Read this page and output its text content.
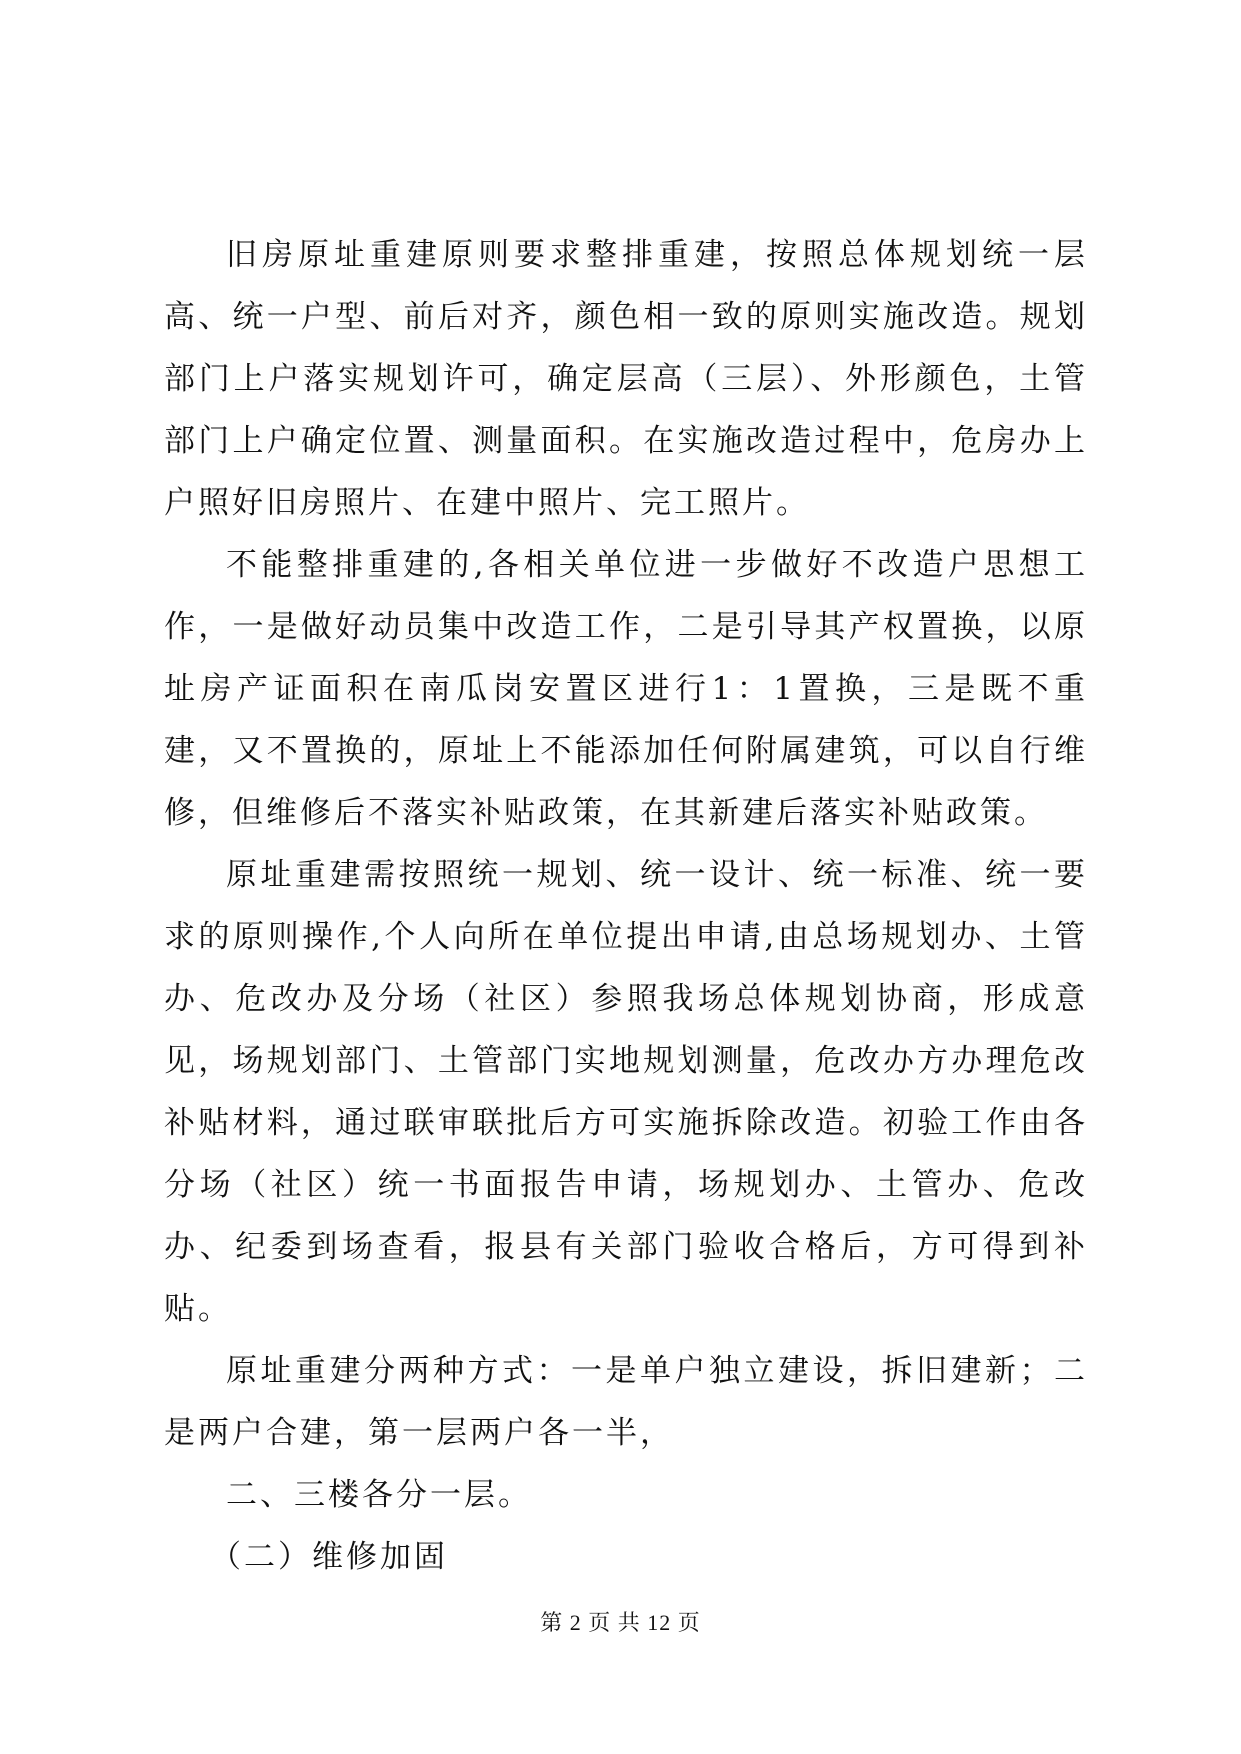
旧房原址重建原则要求整排重建，按照总体规划统一层高、统一户型、前后对齐，颜色相一致的原则实施改造。规划部门上户落实规划许可，确定层高（三层）、外形颜色，土管部门上户确定位置、测量面积。在实施改造过程中，危房办上户照好旧房照片、在建中照片、完工照片。

不能整排重建的,各相关单位进一步做好不改造户思想工作，一是做好动员集中改造工作，二是引导其产权置换，以原址房产证面积在南瓜岗安置区进行1：1置换，三是既不重建，又不置换的，原址上不能添加任何附属建筑，可以自行维修，但维修后不落实补贴政策，在其新建后落实补贴政策。

原址重建需按照统一规划、统一设计、统一标准、统一要求的原则操作,个人向所在单位提出申请,由总场规划办、土管办、危改办及分场（社区）参照我场总体规划协商，形成意见，场规划部门、土管部门实地规划测量，危改办方办理危改补贴材料，通过联审联批后方可实施拆除改造。初验工作由各分场（社区）统一书面报告申请，场规划办、土管办、危改办、纪委到场查看，报县有关部门验收合格后，方可得到补贴。

原址重建分两种方式：一是单户独立建设，拆旧建新；二是两户合建，第一层两户各一半，

二、三楼各分一层。

（二）维修加固

第 2 页 共 12 页
